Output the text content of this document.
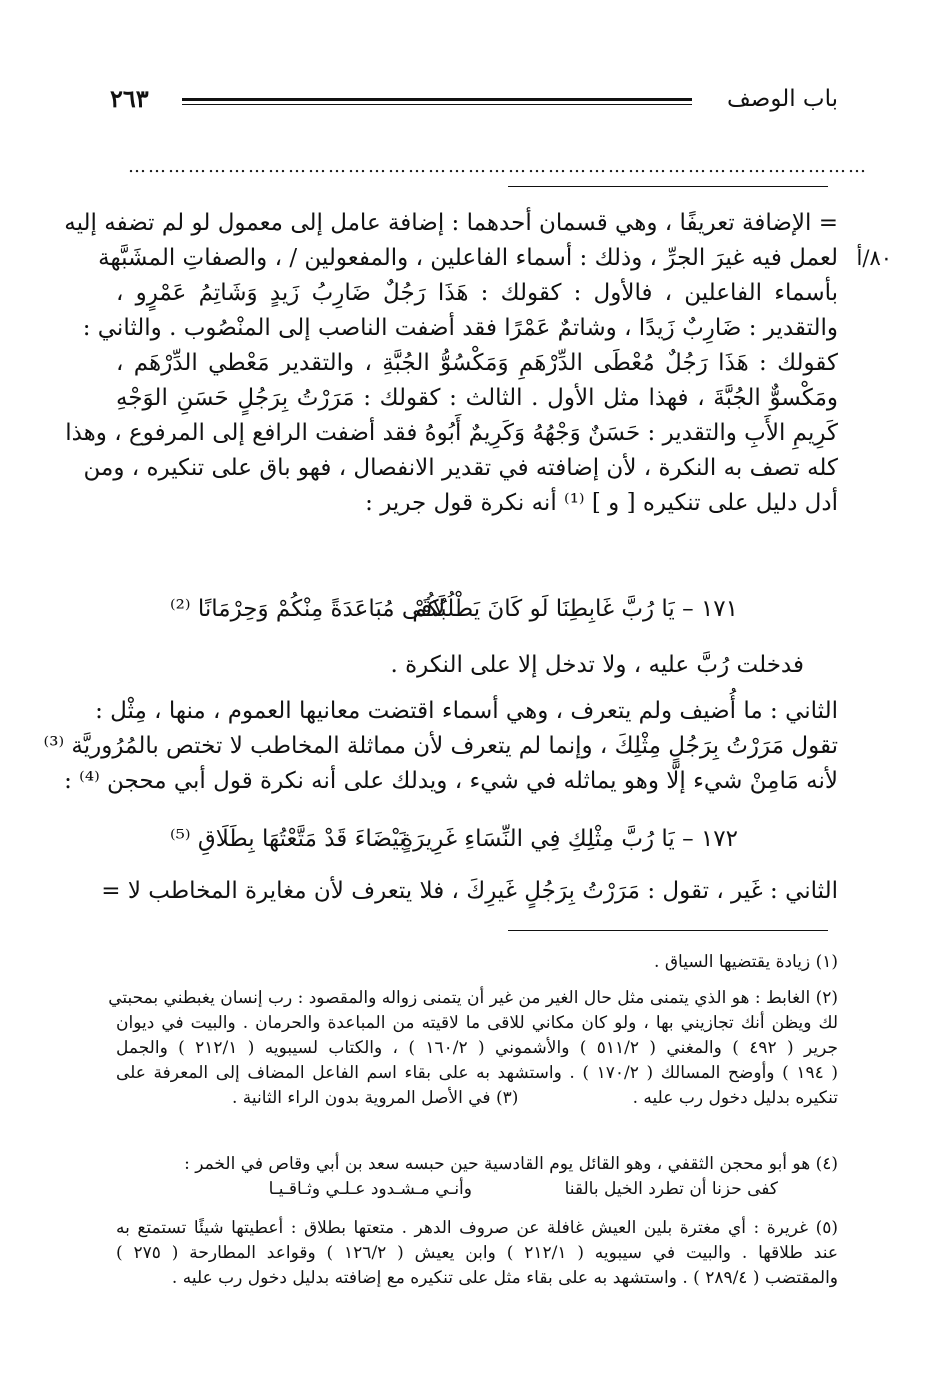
باب الوصف
٢٦٣
…………………………………………………………………………………………………
= الإضافة تعريفًا ، وهي قسمان أحدهما : إضافة عامل إلى معمول لو لم تضفه إليه
لعمل فيه غيرَ الجرِّ ، وذلك : أسماء الفاعلين ، والمفعولين / ، والصفاتِ المشَبَّهة
بأسماء الفاعلين ، فالأول : كقولك : هَذَا رَجُلٌ ضَارِبُ زَيدٍ وَشَاتِمُ عَمْرٍو ،
والتقدير : ضَارِبٌ زَيدًا ، وشاتمٌ عَمْرًا فقد أضفت الناصب إلى المنْصُوب . والثاني :
كقولك : هَذَا رَجُلٌ مُعْطَى الدِّرْهَمِ وَمَكْسُوُّ الجُبَّةِ ، والتقدير مَعْطي الدِّرْهَم ،
ومَكْسوٌّ الجُبَّةَ ، فهذا مثل الأول . الثالث : كقولك : مَرَرْتُ بِرَجُلٍ حَسَنِ الوَجْهِ
كَرِيمِ الأَبِ والتقدير : حَسَنٌ وَجْهُهُ وَكَرِيمٌ أَبُوهُ فقد أضفت الرافع إلى المرفوع ، وهذا
كله تصف به النكرة ، لأن إضافته في تقدير الانفصال ، فهو باق على تنكيره ، ومن
أدل دليل على تنكيره [ و ] ⁽¹⁾ أنه نكرة قول جرير :
٨٠/أ
١٧١ – يَا رُبَّ غَابِطِنَا لَو كَانَ يَطْلُبُكُمْ
لَاقَى مُبَاعَدَةً مِنْكُمْ وَحِرْمَانًا ⁽²⁾
فدخلت رُبَّ عليه ، ولا تدخل إلا على النكرة .
الثاني : ما أُضيف ولم يتعرف ، وهي أسماء اقتضت معانيها العموم ، منها ، مِثْل :
تقول مَرَرْتُ بِرَجُلٍ مِثْلِكَ ، وإنما لم يتعرف لأن مماثلة المخاطب لا تختص بالمُرُوريَّة ⁽³⁾
لأنه مَامِنْ شيء إلّا وهو يماثله في شيء ، ويدلك على أنه نكرة قول أبي محجن ⁽⁴⁾ :
١٧٢ – يَا رُبَّ مِثْلِكِ فِي النِّسَاءِ غَرِيرَةٍ
بَيْضَاءَ قَدْ مَتَّعْتُهَا بِطَلَاقِ ⁽⁵⁾
الثاني : غَير ، تقول : مَرَرْتُ بِرَجُلٍ غَيرِكَ ، فلا يتعرف لأن مغايرة المخاطب لا =
(١) زيادة يقتضيها السياق .
(٢) الغابط : هو الذي يتمنى مثل حال الغير من غير أن يتمنى زواله والمقصود : رب إنسان يغبطني بمحبتي
لك ويظن أنك تجازيني بها ، ولو كان مكاني للاقى ما لاقيته من المباعدة والحرمان . والبيت في ديوان
جرير ( ٤٩٢ ) والمغني ( ٥١١/٢ ) والأشموني ( ١٦٠/٢ ) ، والكتاب لسيبويه ( ٢١٢/١ ) والجمل
( ١٩٤ ) وأوضح المسالك ( ١٧٠/٢ ) . واستشهد به على بقاء اسم الفاعل المضاف إلى المعرفة على
تنكيره بدليل دخول رب عليه .
(٣) في الأصل المروية بدون الراء الثانية .
(٤) هو أبو محجن الثقفي ، وهو القائل يوم القادسية حين حبسه سعد بن أبي وقاص في الخمر :
كفى حزنا أن تطرد الخيل بالقنا
وأنـي مـشـدود عـلـي وثـاقـيـا
(٥) غريرة : أي مغترة بلين العيش غافلة عن صروف الدهر . متعتها بطلاق : أعطيتها شيئًا تستمتع به
عند طلاقها . والبيت في سيبويه ( ٢١٢/١ ) وابن يعيش ( ١٢٦/٢ ) وقواعد المطارحة ( ٢٧٥ )
والمقتضب ( ٢٨٩/٤ ) . واستشهد به على بقاء مثل على تنكيره مع إضافته بدليل دخول رب عليه .
